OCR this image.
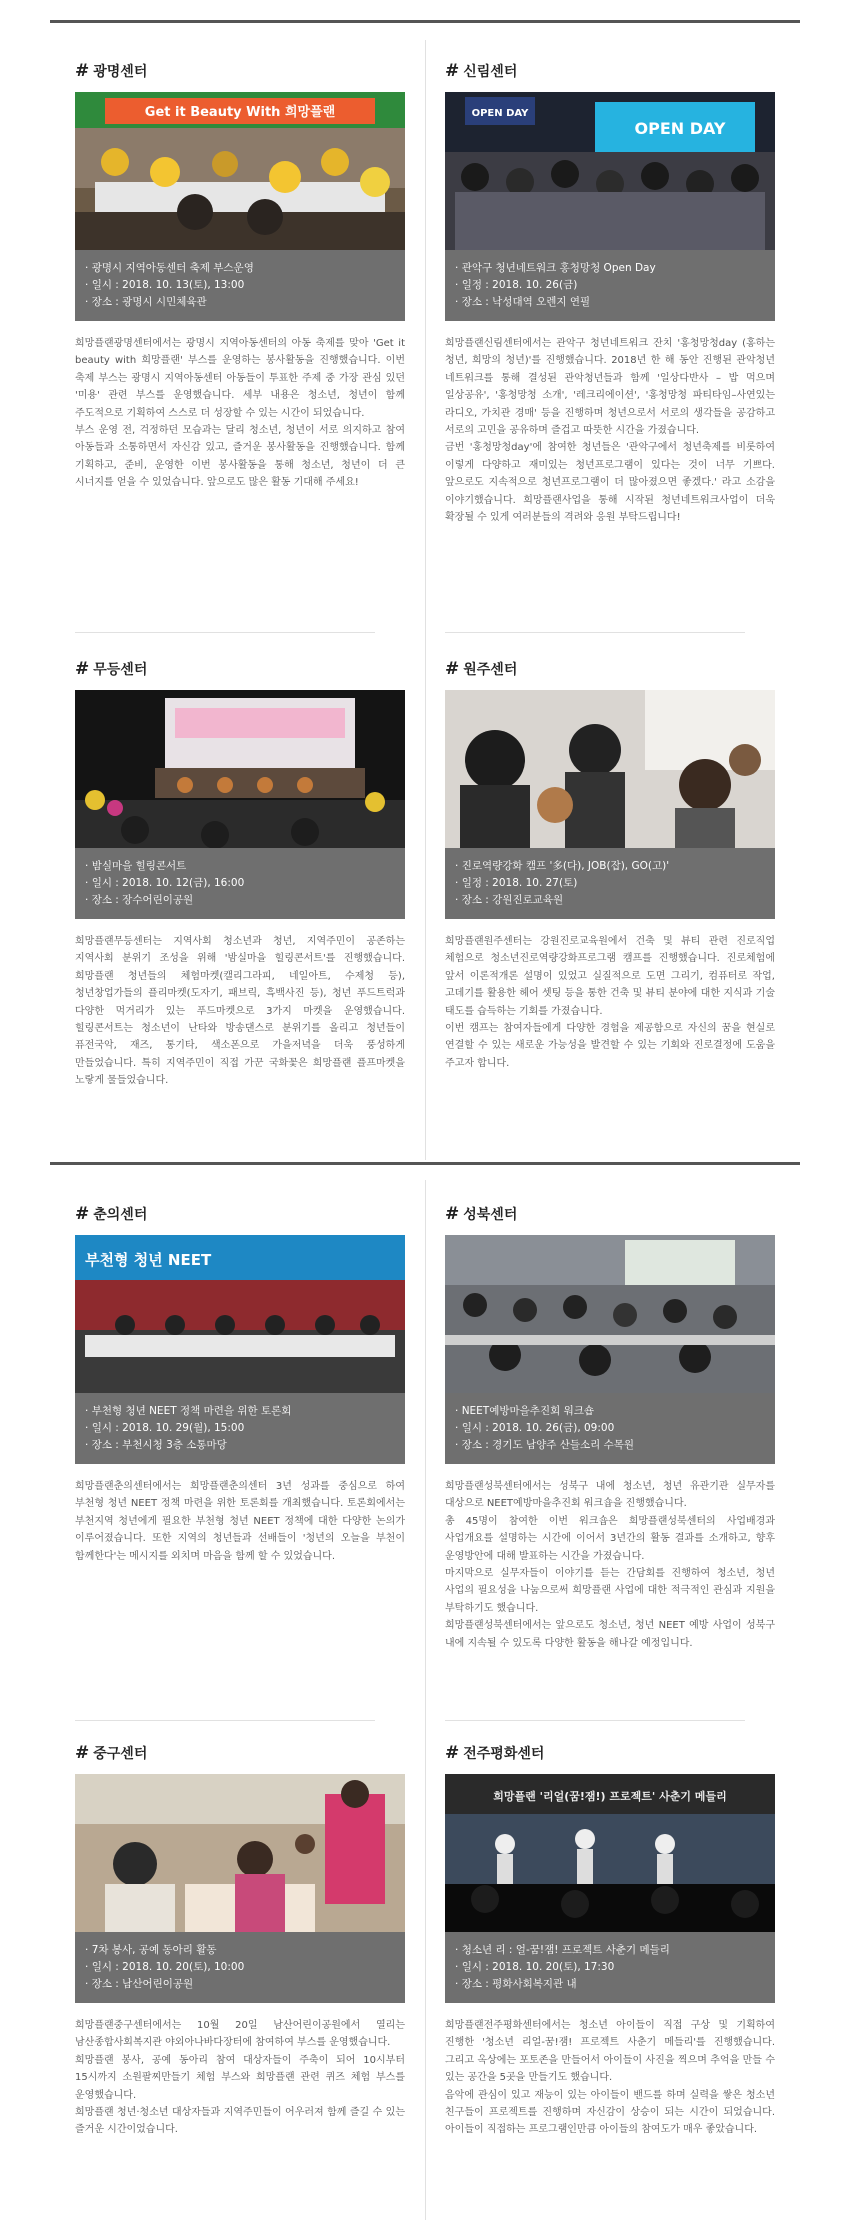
# 광명센터
Get it Beauty With 희망플랜
· 광명시 지역아동센터 축제 부스운영
· 일시 : 2018. 10. 13(토), 13:00
· 장소 : 광명시 시민체육관

희망플랜광명센터에서는 광명시 지역아동센터의 아동 축제를 맞아 'Get it beauty with 희망플랜' 부스를 운영하는 봉사활동을 진행했습니다. 이번 축제 부스는 광명시 지역아동센터 아동들이 투표한 주제 중 가장 관심 있던 '미용' 관련 부스를 운영했습니다. 세부 내용은 청소년, 청년이 함께 주도적으로 기획하여 스스로 더 성장할 수 있는 시간이 되었습니다.

부스 운영 전, 걱정하던 모습과는 달리 청소년, 청년이 서로 의지하고 참여 아동들과 소통하면서 자신감 있고, 즐거운 봉사활동을 진행했습니다. 함께 기획하고, 준비, 운영한 이번 봉사활동을 통해 청소년, 청년이 더 큰 시너지를 얻을 수 있었습니다. 앞으로도 많은 활동 기대해 주세요!

# 신림센터
OPEN DAY
OPEN DAY
· 관악구 청년네트워크 홍청망청 Open Day
· 일정 : 2018. 10. 26(금)
· 장소 : 낙성대역 오렌지 연필

희망플랜신림센터에서는 관악구 청년네트워크 잔치 '홍청망청day (홍하는 청년, 희망의 청년)'를 진행했습니다. 2018년 한 해 동안 진행된 관악청년 네트워크를 통해 결성된 관악청년들과 함께 '일상다반사 – 밥 먹으며 일상공유', '홍청망청 소개', '레크리에이션', '홍청망청 파티타임–사연있는 라디오, 가치관 경매' 등을 진행하며 청년으로서 서로의 생각들을 공감하고 서로의 고민을 공유하며 즐겁고 따뜻한 시간을 가졌습니다.

금번 '홍청망청day'에 참여한 청년들은 '관악구에서 청년축제를 비롯하여 이렇게 다양하고 재미있는 청년프로그램이 있다는 것이 너무 기쁘다. 앞으로도 지속적으로 청년프로그램이 더 많아졌으면 좋겠다.' 라고 소감을 이야기했습니다. 희망플랜사업을 통해 시작된 청년네트워크사업이 더욱 확장될 수 있게 여러분들의 격려와 응원 부탁드립니다!

# 무등센터
· 밤실마을 힐링콘서트
· 일시 : 2018. 10. 12(금), 16:00
· 장소 : 장수어린이공원

희망플랜무등센터는 지역사회 청소년과 청년, 지역주민이 공존하는 지역사회 분위기 조성을 위해 '밤실마을 힐링콘서트'를 진행했습니다. 희망플랜 청년들의 체험마켓(캘리그라피, 네일아트, 수제청 등), 청년창업가들의 플리마켓(도자기, 패브릭, 흑백사진 등), 청년 푸드트럭과 다양한 먹거리가 있는 푸드마켓으로 3가지 마켓을 운영했습니다. 힐링콘서트는 청소년이 난타와 방송댄스로 분위기를 올리고 청년들이 퓨전국악, 재즈, 통기타, 색소폰으로 가을저녁을 더욱 풍성하게 만들었습니다. 특히 지역주민이 직접 가꾼 국화꽃은 희망플랜 플프마켓을 노랗게 물들었습니다.

# 원주센터
· 진로역량강화 캠프 '多(다), JOB(잡), GO(고)'
· 일정 : 2018. 10. 27(토)
· 장소 : 강원진로교육원

희망플랜원주센터는 강원진로교육원에서 건축 및 뷰티 관련 진로직업 체험으로 청소년진로역량강화프로그램 캠프를 진행했습니다. 진로체험에 앞서 이론적개론 설명이 있었고 실질적으로 도면 그리기, 컴퓨터로 작업, 고데기를 활용한 헤어 셋팅 등을 통한 건축 및 뷰티 분야에 대한 지식과 기술 태도를 습득하는 기회를 가졌습니다.

이번 캠프는 참여자들에게 다양한 경험을 제공함으로 자신의 꿈을 현실로 연결할 수 있는 새로운 가능성을 발견할 수 있는 기회와 진로결정에 도움을 주고자 합니다.

# 춘의센터
부천형 청년 NEET
· 부천형 청년 NEET 정책 마련을 위한 토론회
· 일시 : 2018. 10. 29(월), 15:00
· 장소 : 부천시청 3층 소통마당

희망플랜춘의센터에서는 희망플랜춘의센터 3년 성과를 중심으로 하여 부천형 청년 NEET 정책 마련을 위한 토론회를 개최했습니다. 토론회에서는 부천지역 청년에게 필요한 부천형 청년 NEET 정책에 대한 다양한 논의가 이루어졌습니다. 또한 지역의 청년들과 선배들이 '청년의 오늘을 부천이 함께한다'는 메시지를 외치며 마음을 함께 할 수 있었습니다.

# 성북센터
· NEET예방마을추진회 워크숍
· 일시 : 2018. 10. 26(금), 09:00
· 장소 : 경기도 남양주 산들소리 수목원

희망플랜성북센터에서는 성북구 내에 청소년, 청년 유관기관 실무자를 대상으로 NEET예방마을추진회 워크숍을 진행했습니다.

총 45명이 참여한 이번 워크숍은 희망플랜성북센터의 사업배경과 사업개요를 설명하는 시간에 이어서 3년간의 활동 결과를 소개하고, 향후 운영방안에 대해 발표하는 시간을 가졌습니다.

마지막으로 실무자들이 이야기를 듣는 간담회를 진행하여 청소년, 청년 사업의 필요성을 나눔으로써 희망플랜 사업에 대한 적극적인 관심과 지원을 부탁하기도 했습니다.

희망플랜성북센터에서는 앞으로도 청소년, 청년 NEET 예방 사업이 성북구 내에 지속될 수 있도록 다양한 활동을 해나갈 예정입니다.

# 중구센터
· 7차 봉사, 공예 동아리 활동
· 일시 : 2018. 10. 20(토), 10:00
· 장소 : 남산어린이공원

희망플랜중구센터에서는 10월 20일 남산어린이공원에서 열리는 남산종합사회복지관 야외아나바다장터에 참여하여 부스를 운영했습니다.

희망플랜 봉사, 공예 동아리 참여 대상자들이 주축이 되어 10시부터 15시까지 소원팔찌만들기 체험 부스와 희망플랜 관련 퀴즈 체험 부스를 운영했습니다.

희망플랜 청년·청소년 대상자들과 지역주민들이 어우러져 함께 즐길 수 있는 즐거운 시간이었습니다.

# 전주평화센터
희망플랜 '리얼(꿈!잼!) 프로젝트' 사춘기 메들리
· 청소년 리 : 얼-꿈!잼! 프로젝트 사춘기 메들리
· 일시 : 2018. 10. 20(토), 17:30
· 장소 : 평화사회복지관 내

희망플랜전주평화센터에서는 청소년 아이들이 직접 구상 및 기획하여 진행한 '청소년 리얼-꿈!잼! 프로젝트 사춘기 메들리'를 진행했습니다. 그리고 옥상에는 포토존을 만들어서 아이들이 사진을 찍으며 추억을 만들 수 있는 공간을 5곳을 만들기도 했습니다.

음악에 관심이 있고 재능이 있는 아이들이 밴드를 하며 실력을 쌓은 청소년 친구들이 프로젝트를 진행하며 자신감이 상승이 되는 시간이 되었습니다. 아이들이 직접하는 프로그램인만큼 아이들의 참여도가 매우 좋았습니다.
